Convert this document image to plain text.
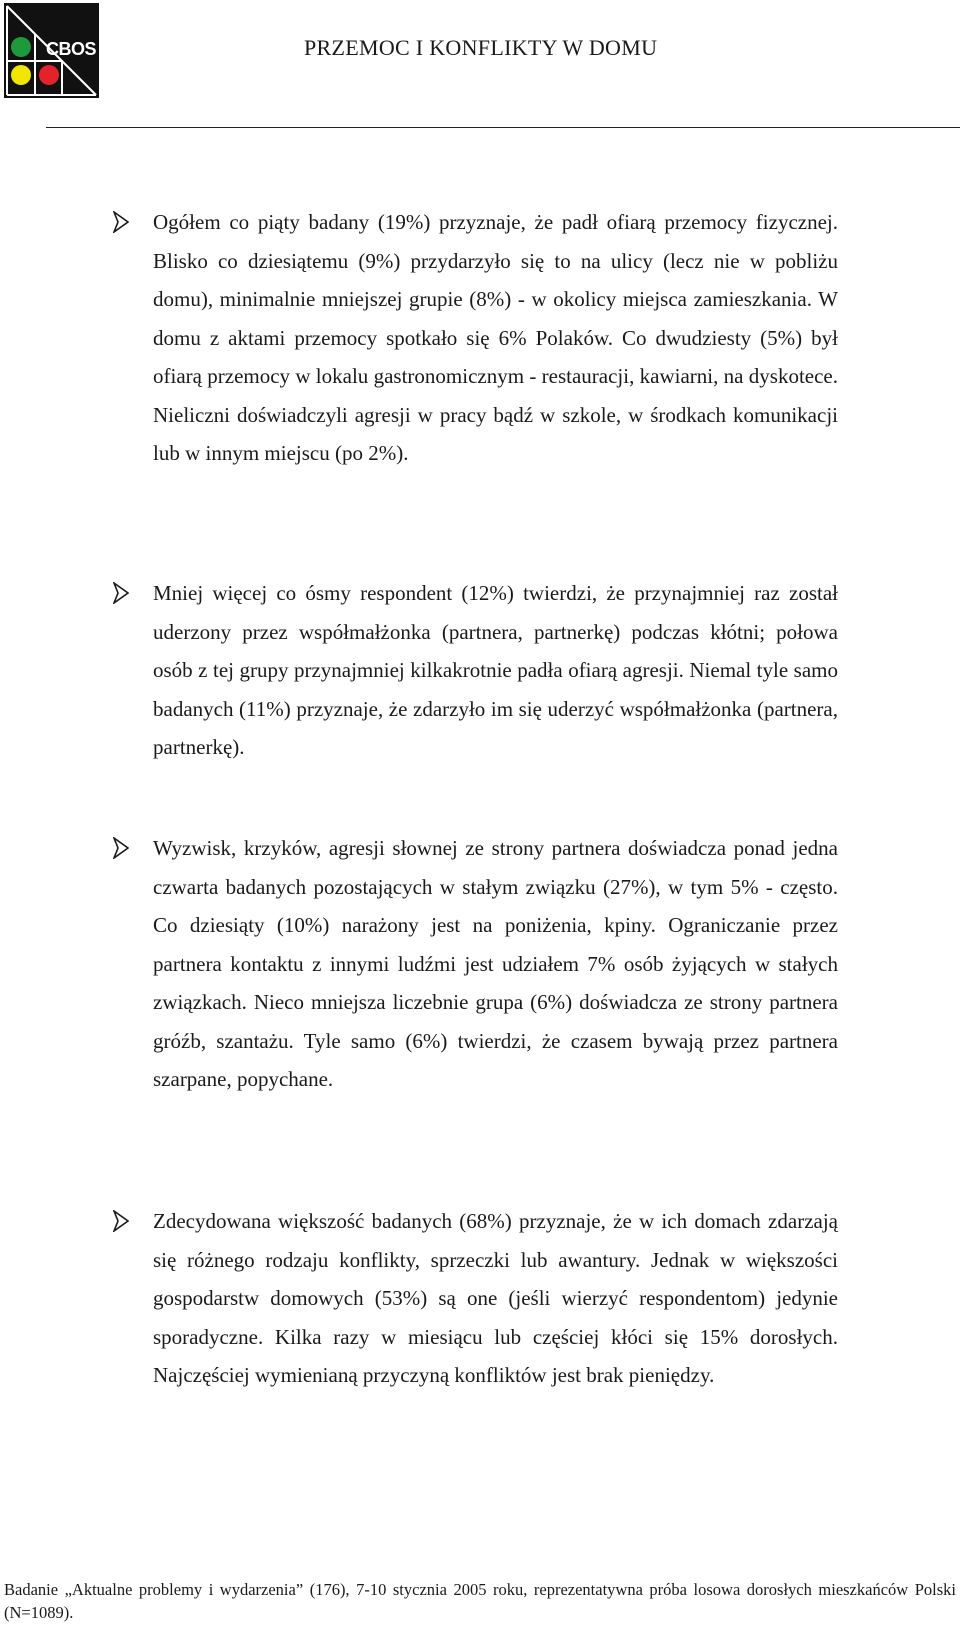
CBOS	PRZEMOC I KONFLIKTY W DOMU

Ogółem co piąty badany (19%) przyznaje, że padł ofiarą przemocy fizycznej. Blisko co dziesiątemu (9%) przydarzyło się to na ulicy (lecz nie w pobliżu domu), minimalnie mniejszej grupie (8%) - w okolicy miejsca zamieszkania. W domu z aktami przemocy spotkało się 6% Polaków. Co dwudziesty (5%) był ofiarą przemocy w lokalu gastronomicznym - restauracji, kawiarni, na dyskotece. Nieliczni doświadczyli agresji w pracy bądź w szkole, w środkach komunikacji lub w innym miejscu (po 2%).

Mniej więcej co ósmy respondent (12%) twierdzi, że przynajmniej raz został uderzony przez współmałżonka (partnera, partnerkę) podczas kłótni; połowa osób z tej grupy przynajmniej kilkakrotnie padła ofiarą agresji. Niemal tyle samo badanych (11%) przyznaje, że zdarzyło im się uderzyć współmałżonka (partnera, partnerkę).

Wyzwisk, krzyków, agresji słownej ze strony partnera doświadcza ponad jedna czwarta badanych pozostających w stałym związku (27%), w tym 5% - często. Co dziesiąty (10%) narażony jest na poniżenia, kpiny. Ograniczanie przez partnera kontaktu z innymi ludźmi jest udziałem 7% osób żyjących w stałych związkach. Nieco mniejsza liczebnie grupa (6%) doświadcza ze strony partnera gróźb, szantażu. Tyle samo (6%) twierdzi, że czasem bywają przez partnera szarpane, popychane.

Zdecydowana większość badanych (68%) przyznaje, że w ich domach zdarzają się różnego rodzaju konflikty, sprzeczki lub awantury. Jednak w większości gospodarstw domowych (53%) są one (jeśli wierzyć respondentom) jedynie sporadyczne. Kilka razy w miesiącu lub częściej kłóci się 15% dorosłych. Najczęściej wymienianą przyczyną konfliktów jest brak pieniędzy.

Badanie „Aktualne problemy i wydarzenia” (176), 7-10 stycznia 2005 roku, reprezentatywna próba losowa dorosłych mieszkańców Polski (N=1089).
